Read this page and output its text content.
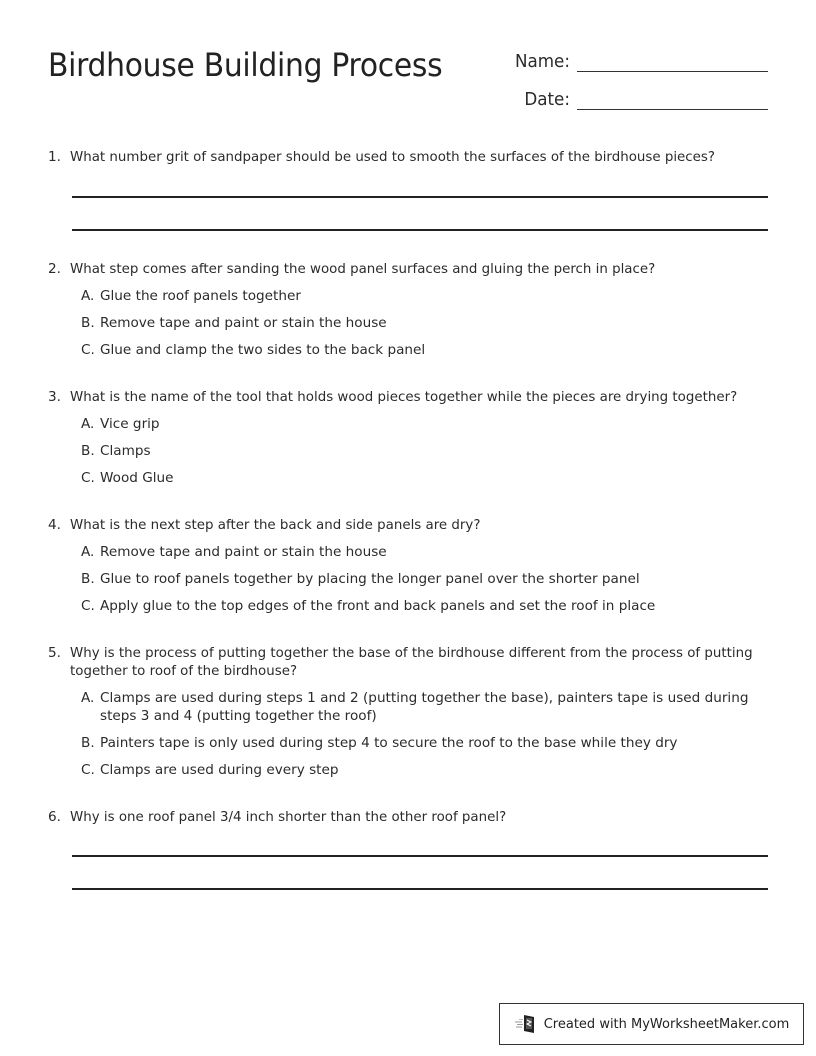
Birdhouse Building Process	Name:
Date:
1. What number grit of sandpaper should be used to smooth the surfaces of the birdhouse pieces?
2. What step comes after sanding the wood panel surfaces and gluing the perch in place?
A. Glue the roof panels together
B. Remove tape and paint or stain the house
C. Glue and clamp the two sides to the back panel
3. What is the name of the tool that holds wood pieces together while the pieces are drying together?
A. Vice grip
B. Clamps
C. Wood Glue
4. What is the next step after the back and side panels are dry?
A. Remove tape and paint or stain the house
B. Glue to roof panels together by placing the longer panel over the shorter panel
C. Apply glue to the top edges of the front and back panels and set the roof in place
5. Why is the process of putting together the base of the birdhouse different from the process of putting together to roof of the birdhouse?
A. Clamps are used during steps 1 and 2 (putting together the base), painters tape is used during steps 3 and 4 (putting together the roof)
B. Painters tape is only used during step 4 to secure the roof to the base while they dry
C. Clamps are used during every step
6. Why is one roof panel 3/4 inch shorter than the other roof panel?
Created with MyWorksheetMaker.com
